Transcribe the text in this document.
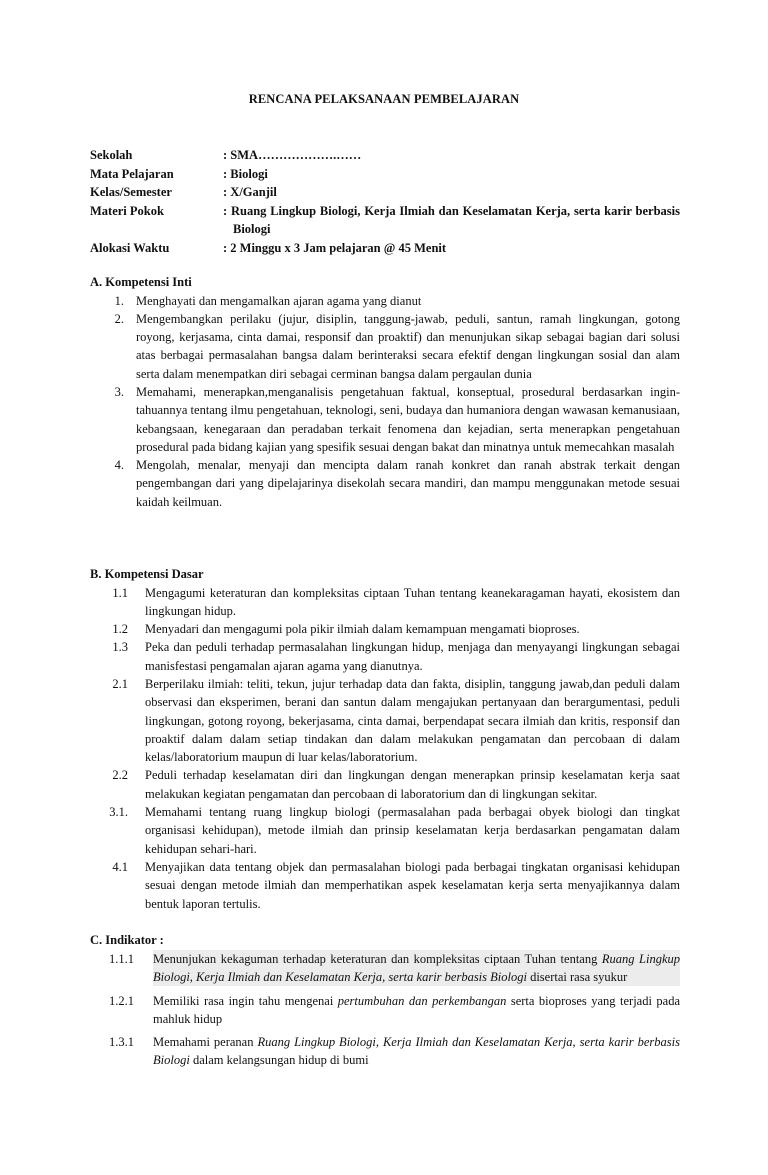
RENCANA PELAKSANAAN PEMBELAJARAN
Sekolah	: SMA……………….……
Mata Pelajaran	: Biologi
Kelas/Semester	: X/Ganjil
Materi Pokok	: Ruang Lingkup Biologi, Kerja Ilmiah dan Keselamatan Kerja, serta karir berbasis Biologi
Alokasi Waktu	: 2 Minggu x 3 Jam pelajaran @ 45 Menit
A. Kompetensi Inti
1. Menghayati dan mengamalkan ajaran agama yang dianut
2. Mengembangkan perilaku (jujur, disiplin, tanggung-jawab, peduli, santun, ramah lingkungan, gotong royong, kerjasama, cinta damai, responsif dan proaktif) dan menunjukan sikap sebagai bagian dari solusi atas berbagai permasalahan bangsa dalam berinteraksi secara efektif dengan lingkungan sosial dan alam serta dalam menempatkan diri sebagai cerminan bangsa dalam pergaulan dunia
3. Memahami, menerapkan,menganalisis pengetahuan faktual, konseptual, prosedural berdasarkan ingin-tahuannya tentang ilmu pengetahuan, teknologi, seni, budaya dan humaniora dengan wawasan kemanusiaan, kebangsaan, kenegaraan dan peradaban terkait fenomena dan kejadian, serta menerapkan pengetahuan prosedural pada bidang kajian yang spesifik sesuai dengan bakat dan minatnya untuk memecahkan masalah
4. Mengolah, menalar, menyaji dan mencipta dalam ranah konkret dan ranah abstrak terkait dengan pengembangan dari yang dipelajarinya disekolah secara mandiri, dan mampu menggunakan metode sesuai kaidah keilmuan.
B. Kompetensi Dasar
1.1	Mengagumi keteraturan dan kompleksitas ciptaan Tuhan tentang keanekaragaman hayati, ekosistem dan lingkungan hidup.
1.2	Menyadari dan mengagumi pola pikir ilmiah dalam kemampuan mengamati bioproses.
1.3	Peka dan peduli terhadap permasalahan lingkungan hidup, menjaga dan menyayangi lingkungan sebagai manisfestasi pengamalan ajaran agama yang dianutnya.
2.1	Berperilaku ilmiah: teliti, tekun, jujur terhadap data dan fakta, disiplin, tanggung jawab,dan peduli dalam observasi dan eksperimen, berani dan santun dalam mengajukan pertanyaan dan berargumentasi, peduli lingkungan, gotong royong, bekerjasama, cinta damai, berpendapat secara ilmiah dan kritis, responsif dan proaktif dalam dalam setiap tindakan dan dalam melakukan pengamatan dan percobaan di dalam kelas/laboratorium maupun di luar kelas/laboratorium.
2.2	Peduli terhadap keselamatan diri dan lingkungan dengan menerapkan prinsip keselamatan kerja saat melakukan kegiatan pengamatan dan percobaan di laboratorium dan di lingkungan sekitar.
3.1.	Memahami tentang ruang lingkup biologi (permasalahan pada berbagai obyek biologi dan tingkat organisasi kehidupan), metode ilmiah dan prinsip keselamatan kerja berdasarkan pengamatan dalam kehidupan sehari-hari.
4.1	Menyajikan data tentang objek dan permasalahan biologi pada berbagai tingkatan organisasi kehidupan sesuai dengan metode ilmiah dan memperhatikan aspek keselamatan kerja serta menyajikannya dalam bentuk laporan tertulis.
C. Indikator :
1.1.1	Menunjukan kekaguman terhadap keteraturan dan kompleksitas ciptaan Tuhan tentang Ruang Lingkup Biologi, Kerja Ilmiah dan Keselamatan Kerja, serta karir berbasis Biologi disertai rasa syukur
1.2.1	Memiliki rasa ingin tahu mengenai pertumbuhan dan perkembangan serta bioproses yang terjadi pada mahluk hidup
1.3.1	Memahami peranan Ruang Lingkup Biologi, Kerja Ilmiah dan Keselamatan Kerja, serta karir berbasis Biologi dalam kelangsungan hidup di bumi
